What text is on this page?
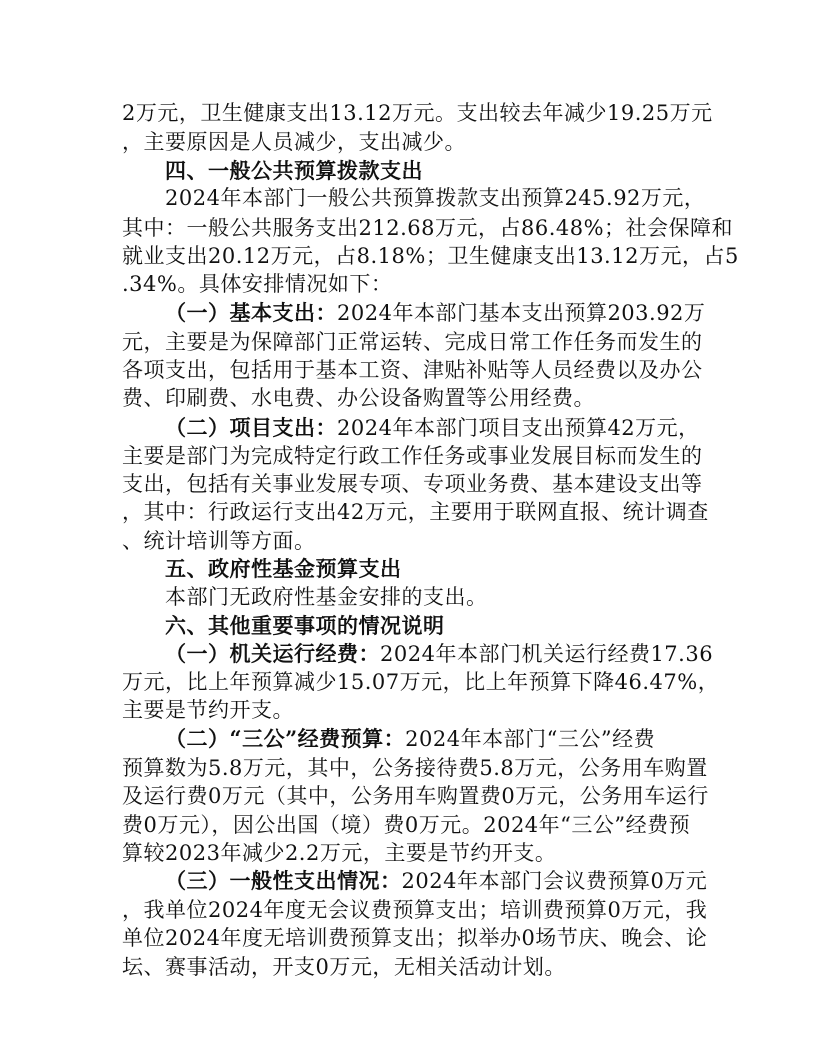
2万元，卫生健康支出13.12万元。支出较去年减少19.25万元
，主要原因是人员减少，支出减少。
四、一般公共预算拨款支出
2024年本部门一般公共预算拨款支出预算245.92万元，
其中：一般公共服务支出212.68万元，占86.48%；社会保障和
就业支出20.12万元，占8.18%；卫生健康支出13.12万元，占5
.34%。具体安排情况如下：
（一）基本支出：2024年本部门基本支出预算203.92万
元，主要是为保障部门正常运转、完成日常工作任务而发生的
各项支出，包括用于基本工资、津贴补贴等人员经费以及办公
费、印刷费、水电费、办公设备购置等公用经费。
（二）项目支出：2024年本部门项目支出预算42万元，
主要是部门为完成特定行政工作任务或事业发展目标而发生的
支出，包括有关事业发展专项、专项业务费、基本建设支出等
，其中：行政运行支出42万元，主要用于联网直报、统计调查
、统计培训等方面。
五、政府性基金预算支出
本部门无政府性基金安排的支出。
六、其他重要事项的情况说明
（一）机关运行经费：2024年本部门机关运行经费17.36
万元，比上年预算减少15.07万元，比上年预算下降46.47%，
主要是节约开支。
（二）“三公”经费预算：2024年本部门“三公”经费
预算数为5.8万元，其中，公务接待费5.8万元，公务用车购置
及运行费0万元（其中，公务用车购置费0万元，公务用车运行
费0万元），因公出国（境）费0万元。2024年“三公”经费预
算较2023年减少2.2万元，主要是节约开支。
（三）一般性支出情况：2024年本部门会议费预算0万元
，我单位2024年度无会议费预算支出；培训费预算0万元，我
单位2024年度无培训费预算支出；拟举办0场节庆、晚会、论
坛、赛事活动，开支0万元，无相关活动计划。
